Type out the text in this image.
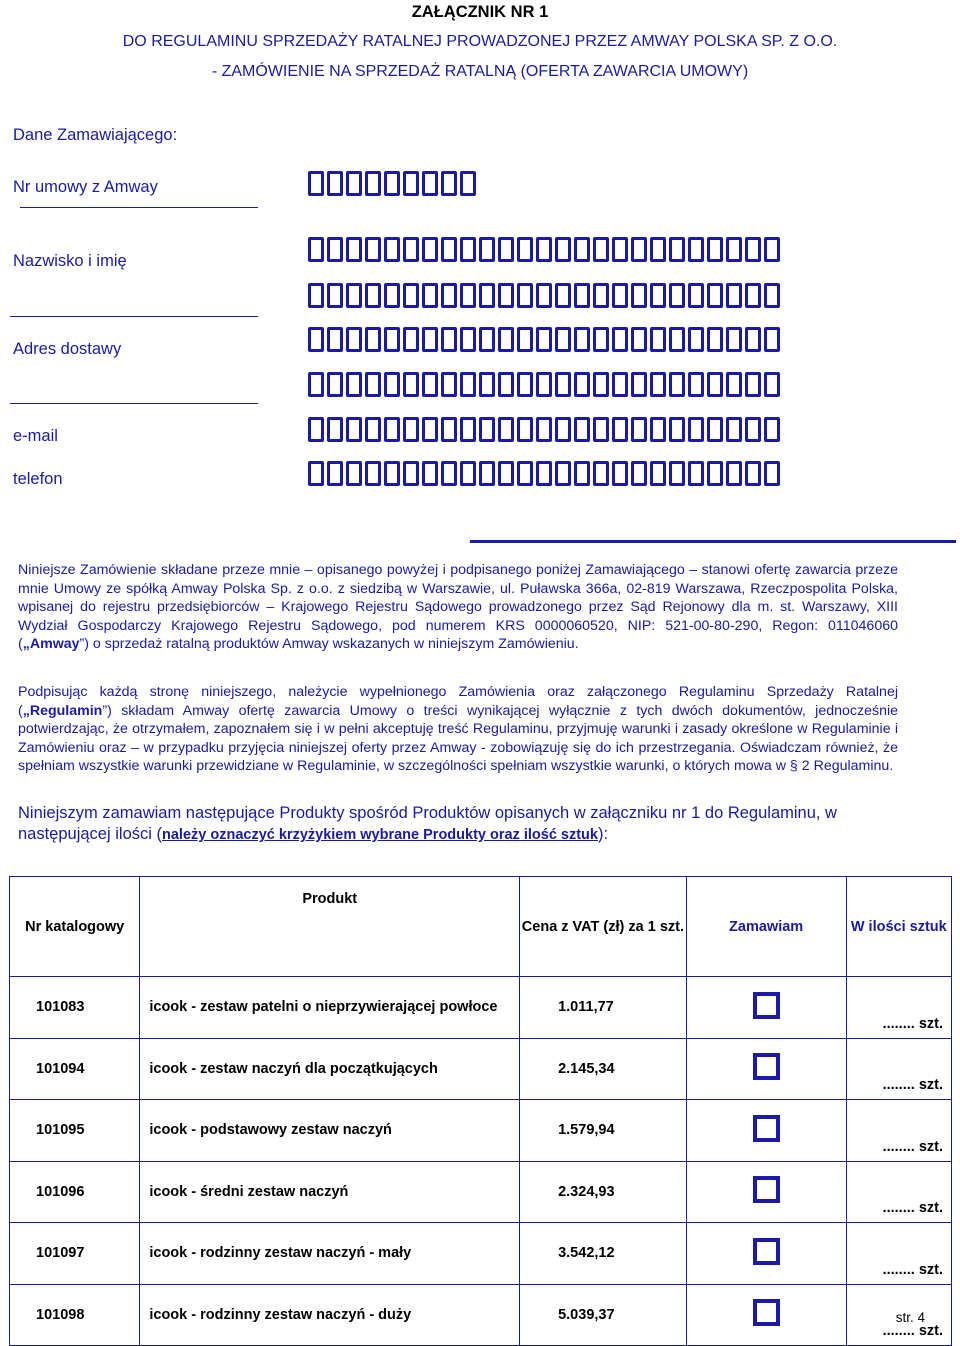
ZAŁĄCZNIK NR 1
DO REGULAMINU SPRZEDAŻY RATALNEJ PROWADZONEJ PRZEZ AMWAY POLSKA SP. Z O.O.
- ZAMÓWIENIE NA SPRZEDAŻ RATALNĄ (OFERTA ZAWARCIA UMOWY)
Dane Zamawiającego:
Nr umowy z Amway
Nazwisko i imię
Adres dostawy
e-mail
telefon
Niniejsze Zamówienie składane przeze mnie – opisanego powyżej i podpisanego poniżej Zamawiającego – stanowi ofertę zawarcia przeze mnie Umowy ze spółką Amway Polska Sp. z o.o. z siedzibą w Warszawie, ul. Puławska 366a, 02-819 Warszawa, Rzeczpospolita Polska, wpisanej do rejestru przedsiębiorców – Krajowego Rejestru Sądowego prowadzonego przez Sąd Rejonowy dla m. st. Warszawy, XIII Wydział Gospodarczy Krajowego Rejestru Sądowego, pod numerem KRS 0000060520, NIP: 521-00-80-290, Regon: 011046060 („Amway”) o sprzedaż ratalną produktów Amway wskazanych w niniejszym Zamówieniu.
Podpisując każdą stronę niniejszego, należycie wypełnionego Zamówienia oraz załączonego Regulaminu Sprzedaży Ratalnej („Regulamin”) składam Amway ofertę zawarcia Umowy o treści wynikającej wyłącznie z tych dwóch dokumentów, jednocześnie potwierdzając, że otrzymałem, zapoznałem się i w pełni akceptuję treść Regulaminu, przyjmuję warunki i zasady określone w Regulaminie i Zamówieniu oraz – w przypadku przyjęcia niniejszej oferty przez Amway - zobowiązuję się do ich przestrzegania. Oświadczam również, że spełniam wszystkie warunki przewidziane w Regulaminie, w szczególności spełniam wszystkie warunki, o których mowa w § 2 Regulaminu.
Niniejszym zamawiam następujące Produkty spośród Produktów opisanych w załączniku nr 1 do Regulaminu, w następującej ilości (należy oznaczyć krzyżykiem wybrane Produkty oraz ilość sztuk):
Nr katalogowy	Produkt	Cena z VAT (zł) za 1 szt.	Zamawiam	W ilości sztuk
101083	icook - zestaw patelni o nieprzywierającej powłoce	1.011,77		........ szt.
101094	icook - zestaw naczyń dla początkujących	2.145,34		........ szt.
101095	icook - podstawowy zestaw naczyń	1.579,94		........ szt.
101096	icook - średni zestaw naczyń	2.324,93		........ szt.
101097	icook - rodzinny zestaw naczyń - mały	3.542,12		........ szt.
101098	icook - rodzinny zestaw naczyń - duży	5.039,37		........ szt.
str. 4
